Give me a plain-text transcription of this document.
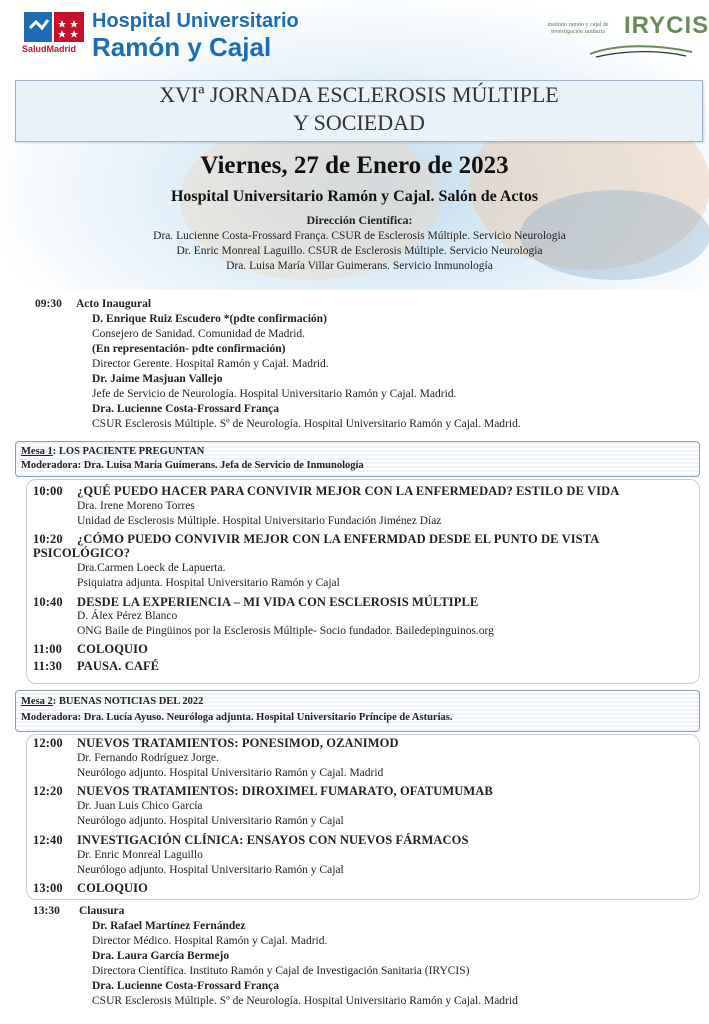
SaludMadrid
Hospital Universitario
Ramón y Cajal
instituto ramón y cajal de investigación sanitaria IRYCIS
XVIª JORNADA ESCLEROSIS MÚLTIPLE
Y SOCIEDAD
Viernes, 27 de Enero de 2023
Hospital Universitario Ramón y Cajal. Salón de Actos
Dirección Científica:
Dra. Lucienne Costa-Frossard França. CSUR de Esclerosis Múltiple. Servicio Neurologia
Dr. Enric Monreal Laguillo. CSUR de Esclerosis Múltiple. Servicio Neurologia
Dra. Luisa María Villar Guimerans. Servicio Inmunología
09:30 Acto Inaugural
D. Enrique Ruiz Escudero *(pdte confirmación)
Consejero de Sanidad. Comunidad de Madrid.
(En representación- pdte confirmación)
Director Gerente. Hospital Ramón y Cajal. Madrid.
Dr. Jaime Masjuan Vallejo
Jefe de Servicio de Neurología. Hospital Universitario Ramón y Cajal. Madrid.
Dra. Lucienne Costa-Frossard França
CSUR Esclerosis Múltiple. Sº de Neurología. Hospital Universitario Ramón y Cajal. Madrid.
Mesa 1: LOS PACIENTE PREGUNTAN
Moderadora: Dra. Luisa María Guimerans. Jefa de Servicio de Inmunología
10:00 ¿QUÉ PUEDO HACER PARA CONVIVIR MEJOR CON LA ENFERMEDAD? ESTILO DE VIDA
Dra. Irene Moreno Torres
Unidad de Esclerosis Múltiple. Hospital Universitario Fundación Jiménez Díaz
10:20 ¿CÓMO PUEDO CONVIVIR MEJOR CON LA ENFERMDAD DESDE EL PUNTO DE VISTA
PSICOLÓGICO?
Dra.Carmen Loeck de Lapuerta.
Psiquiatra adjunta. Hospital Universitario Ramón y Cajal
10:40 DESDE LA EXPERIENCIA – MI VIDA CON ESCLEROSIS MÚLTIPLE
D. Álex Pérez Blanco
ONG Baile de Pingüinos por la Esclerosis Múltiple- Socio fundador. Bailedepinguinos.org
11:00 COLOQUIO
11:30 PAUSA. CAFÉ
Mesa 2: BUENAS NOTICIAS DEL 2022
Moderadora: Dra. Lucía Ayuso. Neuróloga adjunta. Hospital Universitario Príncipe de Asturias.
12:00 NUEVOS TRATAMIENTOS: PONESIMOD, OZANIMOD
Dr. Fernando Rodríguez Jorge.
Neurólogo adjunto. Hospital Universitario Ramón y Cajal. Madrid
12:20 NUEVOS TRATAMIENTOS: DIROXIMEL FUMARATO, OFATUMUMAB
Dr. Juan Luis Chico García
Neurólogo adjunto. Hospital Universitario Ramón y Cajal
12:40 INVESTIGACIÓN CLÍNICA: ENSAYOS CON NUEVOS FÁRMACOS
Dr. Enric Monreal Laguillo
Neurólogo adjunto. Hospital Universitario Ramón y Cajal
13:00 COLOQUIO
13:30 Clausura
Dr. Rafael Martínez Fernández
Director Médico. Hospital Ramón y Cajal. Madrid.
Dra. Laura García Bermejo
Directora Científica. Instituto Ramón y Cajal de Investigación Sanitaria (IRYCIS)
Dra. Lucienne Costa-Frossard França
CSUR Esclerosis Múltiple. Sº de Neurología. Hospital Universitario Ramón y Cajal. Madrid
